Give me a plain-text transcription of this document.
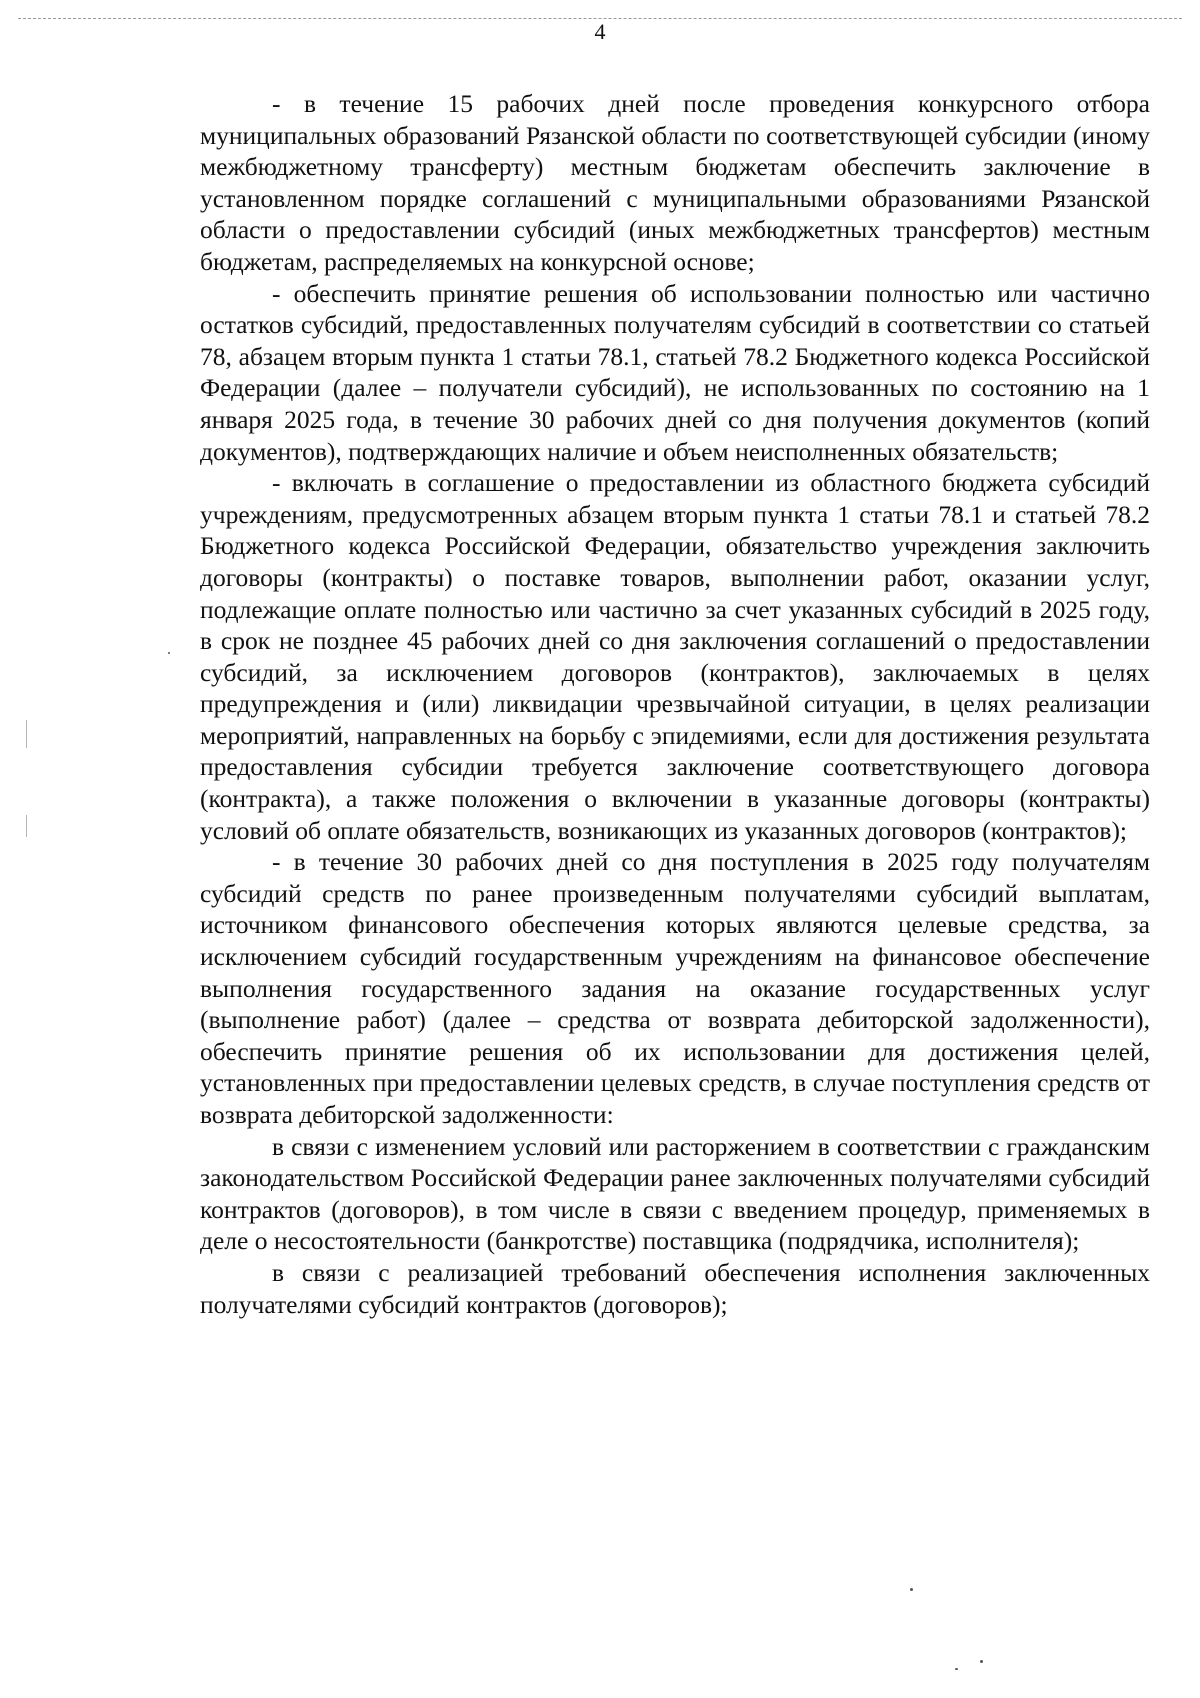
4

- в течение 15 рабочих дней после проведения конкурсного отбора муниципальных образований Рязанской области по соответствующей субсидии (иному межбюджетному трансферту) местным бюджетам обеспечить заключение в установленном порядке соглашений с муниципальными образованиями Рязанской области о предоставлении субсидий (иных межбюджетных трансфертов) местным бюджетам, распределяемых на конкурсной основе;

- обеспечить принятие решения об использовании полностью или частично остатков субсидий, предоставленных получателям субсидий в соответствии со статьей 78, абзацем вторым пункта 1 статьи 78.1, статьей 78.2 Бюджетного кодекса Российской Федерации (далее – получатели субсидий), не использованных по состоянию на 1 января 2025 года, в течение 30 рабочих дней со дня получения документов (копий документов), подтверждающих наличие и объем неисполненных обязательств;

- включать в соглашение о предоставлении из областного бюджета субсидий учреждениям, предусмотренных абзацем вторым пункта 1 статьи 78.1 и статьей 78.2 Бюджетного кодекса Российской Федерации, обязательство учреждения заключить договоры (контракты) о поставке товаров, выполнении работ, оказании услуг, подлежащие оплате полностью или частично за счет указанных субсидий в 2025 году, в срок не позднее 45 рабочих дней со дня заключения соглашений о предоставлении субсидий, за исключением договоров (контрактов), заключаемых в целях предупреждения и (или) ликвидации чрезвычайной ситуации, в целях реализации мероприятий, направленных на борьбу с эпидемиями, если для достижения результата предоставления субсидии требуется заключение соответствующего договора (контракта), а также положения о включении в указанные договоры (контракты) условий об оплате обязательств, возникающих из указанных договоров (контрактов);

- в течение 30 рабочих дней со дня поступления в 2025 году получателям субсидий средств по ранее произведенным получателями субсидий выплатам, источником финансового обеспечения которых являются целевые средства, за исключением субсидий государственным учреждениям на финансовое обеспечение выполнения государственного задания на оказание государственных услуг (выполнение работ) (далее – средства от возврата дебиторской задолженности), обеспечить принятие решения об их использовании для достижения целей, установленных при предоставлении целевых средств, в случае поступления средств от возврата дебиторской задолженности:

в связи с изменением условий или расторжением в соответствии с гражданским законодательством Российской Федерации ранее заключенных получателями субсидий контрактов (договоров), в том числе в связи с введением процедур, применяемых в деле о несостоятельности (банкротстве) поставщика (подрядчика, исполнителя);

в связи с реализацией требований обеспечения исполнения заключенных получателями субсидий контрактов (договоров);
